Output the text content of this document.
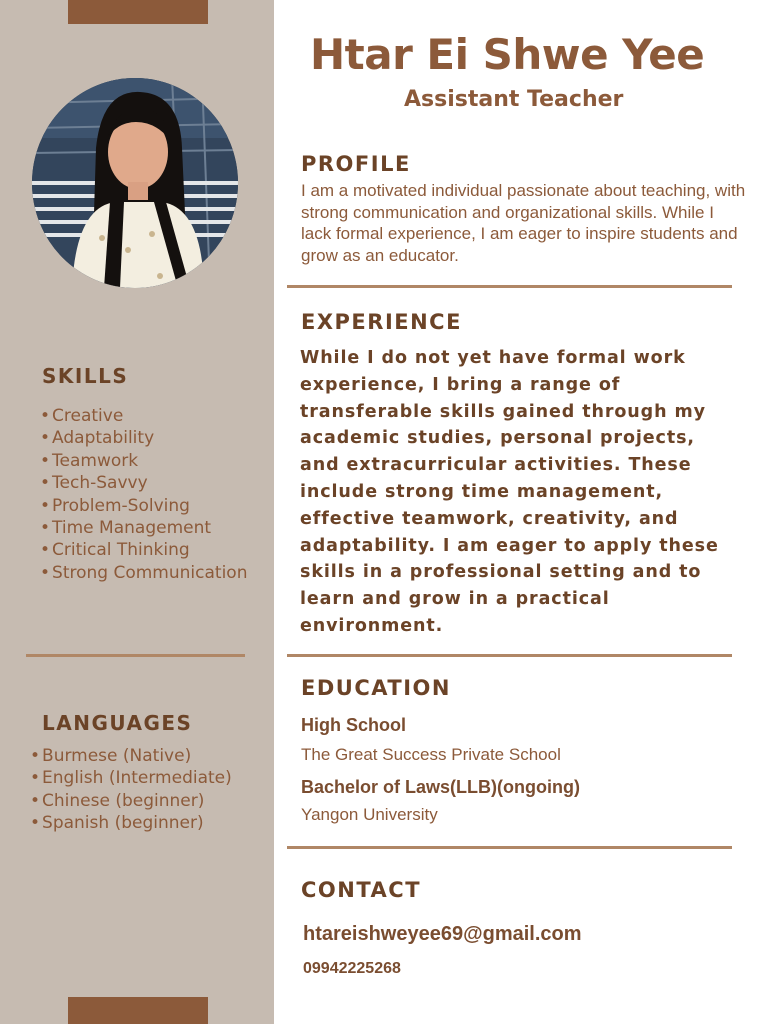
SKILLS
• Creative
• Adaptability
• Teamwork
• Tech-Savvy
• Problem-Solving
• Time Management
• Critical Thinking
• Strong Communication
LANGUAGES
• Burmese (Native)
• English (Intermediate)
• Chinese (beginner)
• Spanish (beginner)
Htar Ei Shwe Yee
Assistant Teacher
PROFILE

I am a motivated individual passionate about teaching, with strong communication and organizational skills. While I lack formal experience, I am eager to inspire students and grow as an educator.

EXPERIENCE

While I do not yet have formal work experience, I bring a range of transferable skills gained through my academic studies, personal projects, and extracurricular activities. These include strong time management, effective teamwork, creativity, and adaptability. I am eager to apply these skills in a professional setting and to learn and grow in a practical environment.

EDUCATION
High School
The Great Success Private School
Bachelor of Laws(LLB)(ongoing)
Yangon University
CONTACT
htareishweyee69@gmail.com
09942225268
